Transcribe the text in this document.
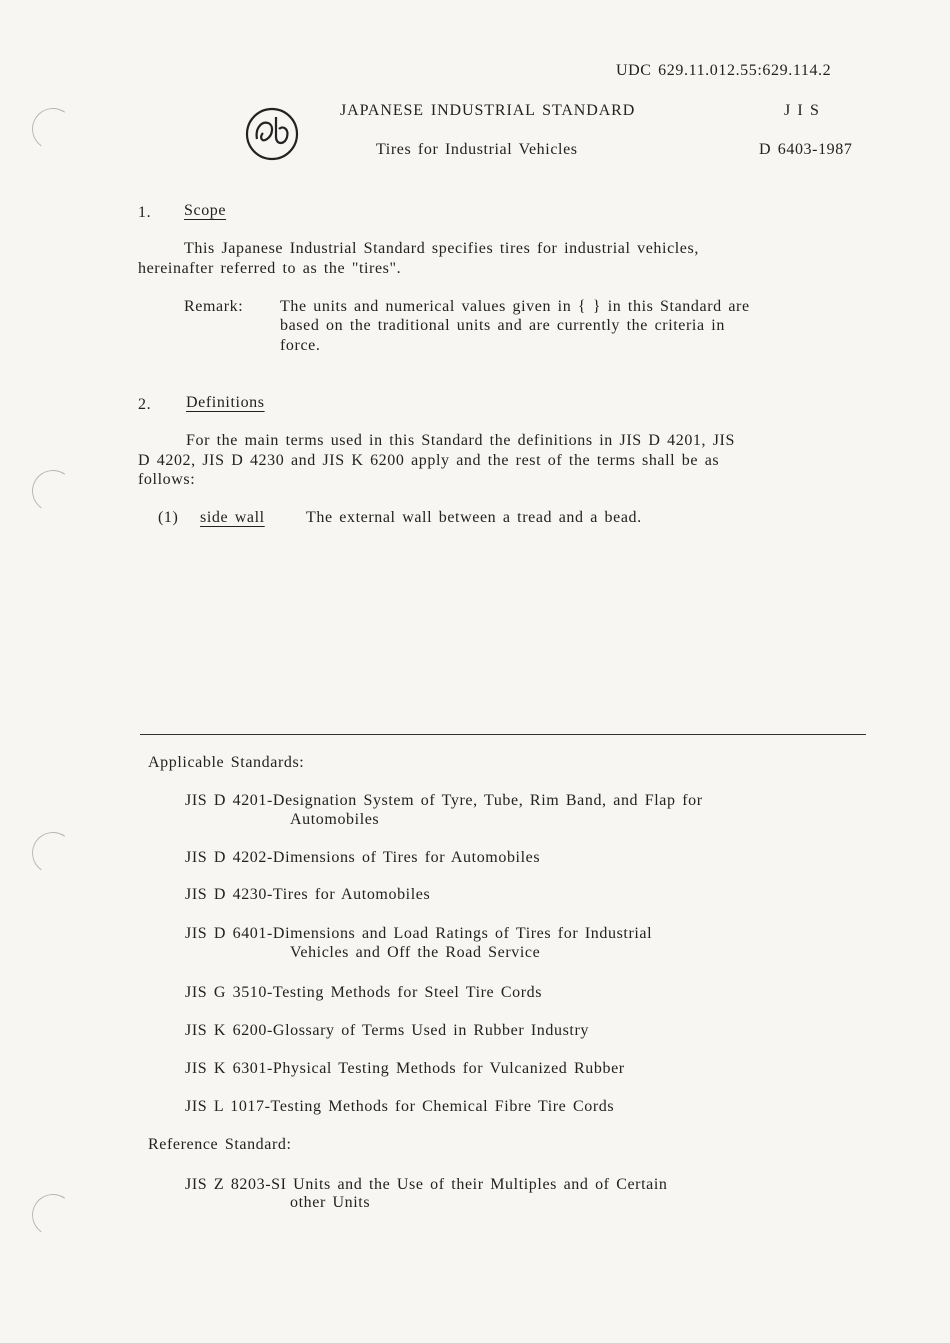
UDC 629.11.012.55:629.114.2
JAPANESE INDUSTRIAL STANDARD	J I S
Tires for Industrial Vehicles	D 6403-1987
1. Scope
This Japanese Industrial Standard specifies tires for industrial vehicles,
hereinafter referred to as the "tires".
Remark: The units and numerical values given in { } in this Standard are
based on the traditional units and are currently the criteria in
force.
2. Definitions
For the main terms used in this Standard the definitions in JIS D 4201, JIS
D 4202, JIS D 4230 and JIS K 6200 apply and the rest of the terms shall be as
follows:
(1) side wall	The external wall between a tread and a bead.
Applicable Standards:
JIS D 4201-Designation System of Tyre, Tube, Rim Band, and Flap for
Automobiles
JIS D 4202-Dimensions of Tires for Automobiles
JIS D 4230-Tires for Automobiles
JIS D 6401-Dimensions and Load Ratings of Tires for Industrial
Vehicles and Off the Road Service
JIS G 3510-Testing Methods for Steel Tire Cords
JIS K 6200-Glossary of Terms Used in Rubber Industry
JIS K 6301-Physical Testing Methods for Vulcanized Rubber
JIS L 1017-Testing Methods for Chemical Fibre Tire Cords
Reference Standard:
JIS Z 8203-SI Units and the Use of their Multiples and of Certain
other Units
